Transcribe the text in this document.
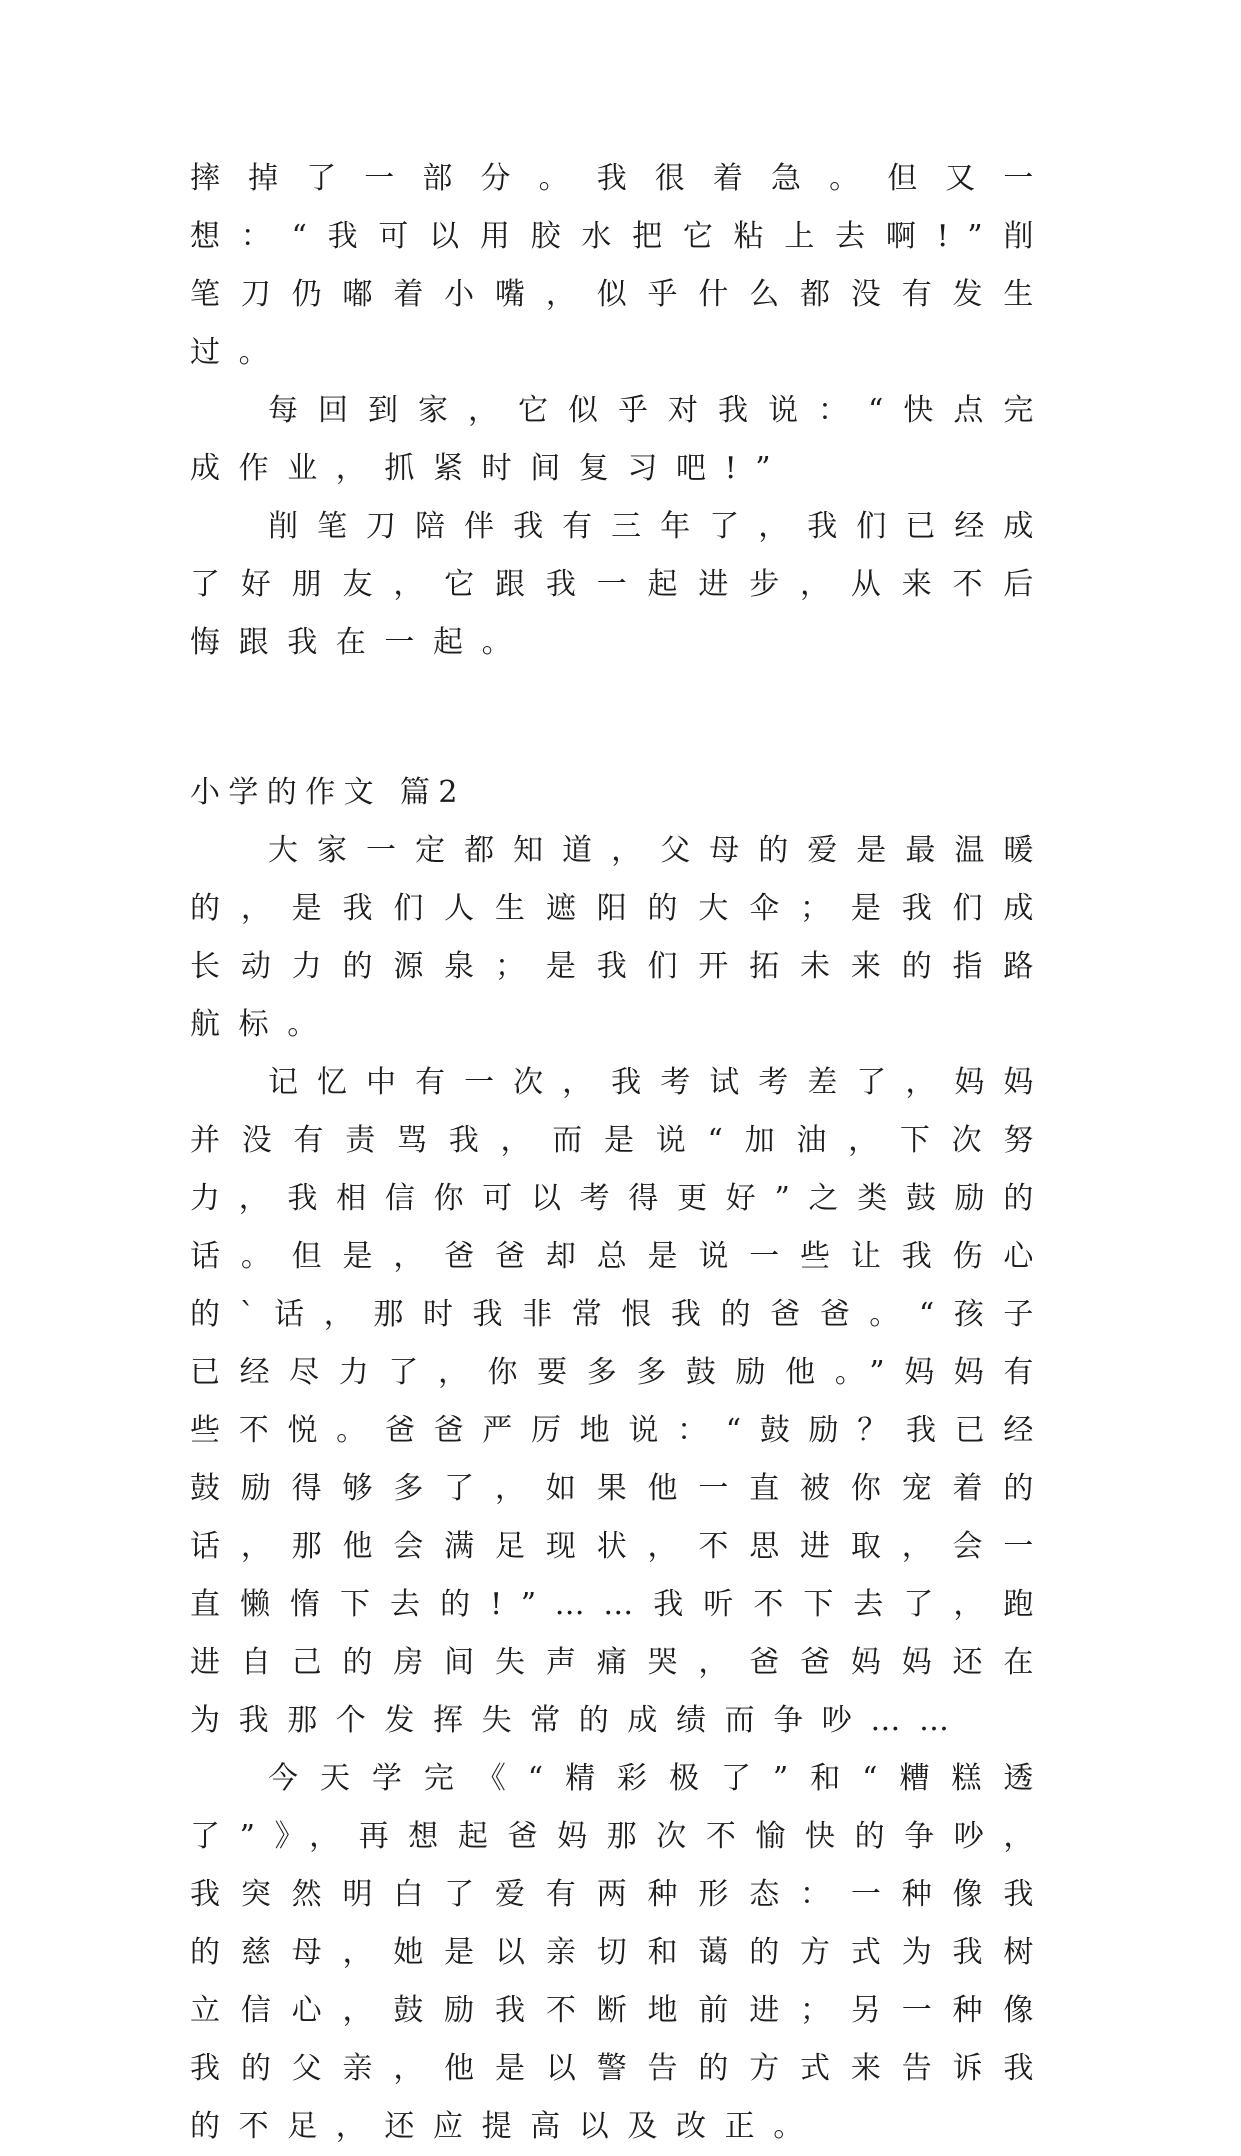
摔掉了一部分。我很着急。但又一想：“我可以用胶水把它粘上去啊!”削笔刀仍嘟着小嘴，似乎什么都没有发生过。

每回到家，它似乎对我说：“快点完成作业，抓紧时间复习吧!”

削笔刀陪伴我有三年了，我们已经成了好朋友，它跟我一起进步，从来不后悔跟我在一起。

小学的作文 篇2

大家一定都知道，父母的爱是最温暖的，是我们人生遮阳的大伞；是我们成长动力的源泉；是我们开拓未来的指路航标。

记忆中有一次，我考试考差了，妈妈并没有责骂我，而是说“加油，下次努力，我相信你可以考得更好”之类鼓励的话。但是，爸爸却总是说一些让我伤心的`话，那时我非常恨我的爸爸。“孩子已经尽力了，你要多多鼓励他。”妈妈有些不悦。爸爸严厉地说：“鼓励？我已经鼓励得够多了，如果他一直被你宠着的话，那他会满足现状，不思进取，会一直懒惰下去的!”……我听不下去了，跑进自己的房间失声痛哭，爸爸妈妈还在为我那个发挥失常的成绩而争吵……

今天学完《“精彩极了”和“糟糕透了”》，再想起爸妈那次不愉快的争吵，我突然明白了爱有两种形态：一种像我的慈母，她是以亲切和蔼的方式为我树立信心，鼓励我不断地前进；另一种像我的父亲，他是以警告的方式来告诉我的不足，还应提高以及改正。
